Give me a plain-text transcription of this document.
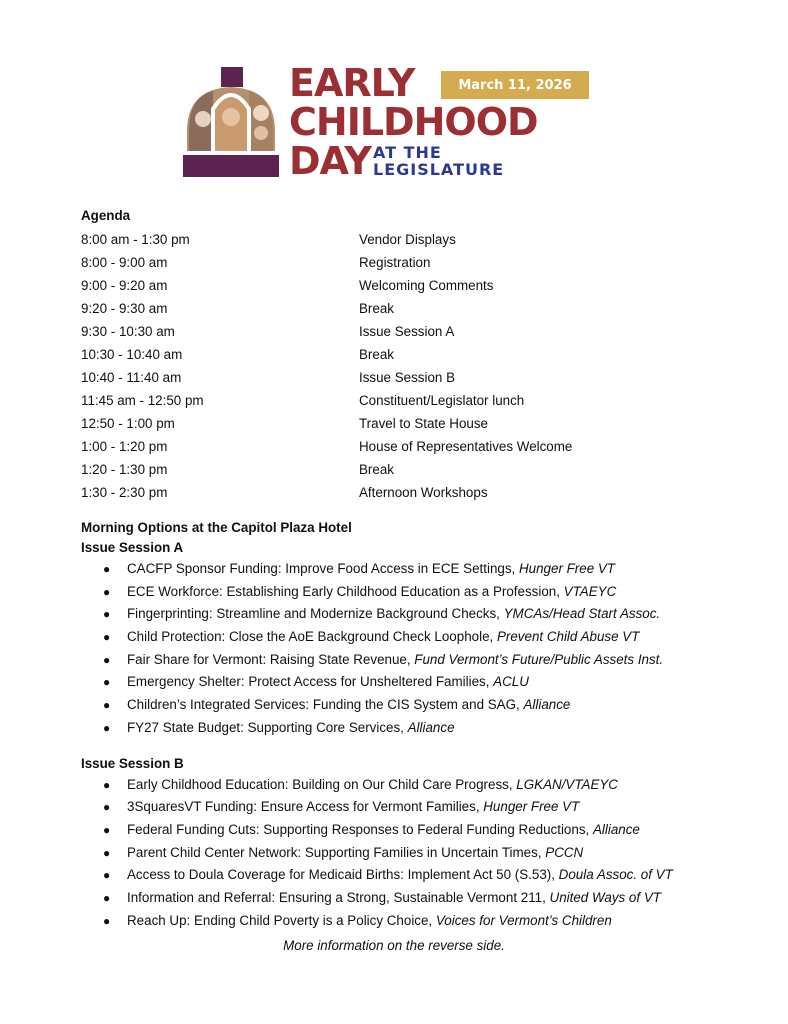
EARLY	March 11, 2026
CHILDHOOD
DAY AT THE
LEGISLATURE
Agenda
8:00 am - 1:30 pm	Vendor Displays
8:00 - 9:00 am	Registration
9:00 - 9:20 am	Welcoming Comments
9:20 - 9:30 am	Break
9:30 - 10:30 am	Issue Session A
10:30 - 10:40 am	Break
10:40 - 11:40 am	Issue Session B
11:45 am - 12:50 pm	Constituent/Legislator lunch
12:50 - 1:00 pm	Travel to State House
1:00 - 1:20 pm	House of Representatives Welcome
1:20 - 1:30 pm	Break
1:30 - 2:30 pm	Afternoon Workshops
Morning Options at the Capitol Plaza Hotel
Issue Session A
●	CACFP Sponsor Funding: Improve Food Access in ECE Settings, Hunger Free VT
●	ECE Workforce: Establishing Early Childhood Education as a Profession, VTAEYC
●	Fingerprinting: Streamline and Modernize Background Checks, YMCAs/Head Start Assoc.
●	Child Protection: Close the AoE Background Check Loophole, Prevent Child Abuse VT
●	Fair Share for Vermont: Raising State Revenue, Fund Vermont’s Future/Public Assets Inst.
●	Emergency Shelter: Protect Access for Unsheltered Families, ACLU
●	Children’s Integrated Services: Funding the CIS System and SAG, Alliance
●	FY27 State Budget: Supporting Core Services, Alliance
Issue Session B
●	Early Childhood Education: Building on Our Child Care Progress, LGKAN/VTAEYC
●	3SquaresVT Funding: Ensure Access for Vermont Families, Hunger Free VT
●	Federal Funding Cuts: Supporting Responses to Federal Funding Reductions, Alliance
●	Parent Child Center Network: Supporting Families in Uncertain Times, PCCN
●	Access to Doula Coverage for Medicaid Births: Implement Act 50 (S.53), Doula Assoc. of VT
●	Information and Referral: Ensuring a Strong, Sustainable Vermont 211, United Ways of VT
●	Reach Up: Ending Child Poverty is a Policy Choice, Voices for Vermont’s Children
More information on the reverse side.
